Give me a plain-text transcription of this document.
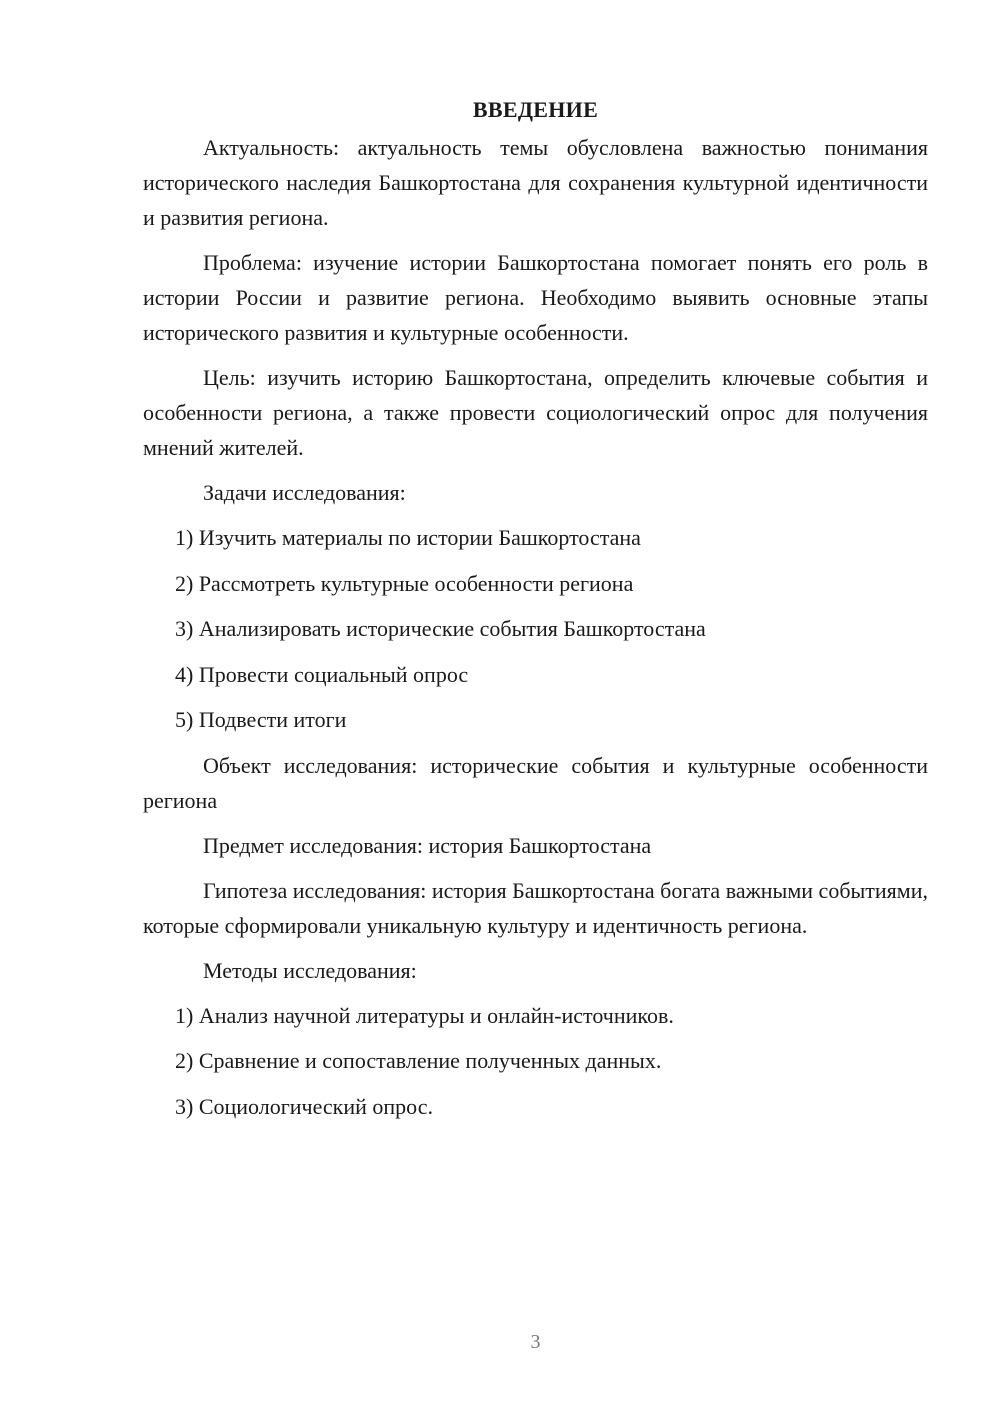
ВВЕДЕНИЕ

Актуальность: актуальность темы обусловлена важностью понимания исторического наследия Башкортостана для сохранения культурной идентичности и развития региона.

Проблема: изучение истории Башкортостана помогает понять его роль в истории России и развитие региона. Необходимо выявить основные этапы исторического развития и культурные особенности.

Цель: изучить историю Башкортостана, определить ключевые события и особенности региона, а также провести социологический опрос для получения мнений жителей.

Задачи исследования:

1) Изучить материалы по истории Башкортостана

2) Рассмотреть культурные особенности региона

3) Анализировать исторические события Башкортостана

4) Провести социальный опрос

5) Подвести итоги

Объект исследования: исторические события и культурные особенности региона

Предмет исследования: история Башкортостана

Гипотеза исследования: история Башкортостана богата важными событиями, которые сформировали уникальную культуру и идентичность региона.

Методы исследования:

1) Анализ научной литературы и онлайн-источников.

2) Сравнение и сопоставление полученных данных.

3) Социологический опрос.

3
